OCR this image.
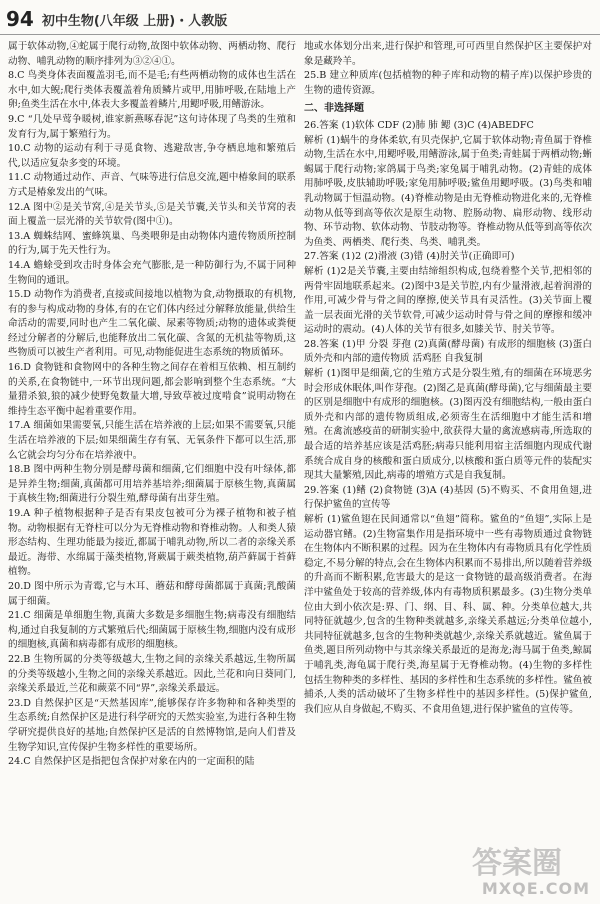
94 初中生物(八年级 上册)・人教版

属于软体动物,④蛇属于爬行动物,故图中软体动物、两栖动物、爬行动物、哺乳动物的顺序排列为③②④①。

8.C 鸟类身体表面覆盖羽毛,而不是毛;有些两栖动物的成体也生活在水中,如大鲵;爬行类体表覆盖着角质鳞片或甲,用肺呼吸,在陆地上产卵;鱼类生活在水中,体表大多覆盖着鳞片,用鳃呼吸,用鳍游泳。

9.C “几处早莺争暖树,谁家新燕啄春泥”这句诗体现了鸟类的生殖和发育行为,属于繁殖行为。

10.C 动物的运动有利于寻觅食物、逃避敌害,争夺栖息地和繁殖后代,以适应复杂多变的环境。

11.C 动物通过动作、声音、气味等进行信息交流,题中椿象间的联系方式是椿象发出的气味。

12.A 图中②是关节窝,④是关节头,⑤是关节囊,关节头和关节窝的表面上覆盖一层光滑的关节软骨(图中①)。

13.A 蜘蛛结网、蜜蜂筑巢、鸟类喂卵是由动物体内遗传物质所控制的行为,属于先天性行为。

14.A 蟾蜍受到攻击时身体会充气膨胀,是一种防御行为,不属于同种生物间的通讯。

15.D 动物作为消费者,直接或间接地以植物为食,动物摄取的有机物,有的参与构成动物的身体,有的在它们体内经过分解释放能量,供给生命活动的需要,同时也产生二氧化碳、尿素等物质;动物的遗体或粪便经过分解者的分解后,也能释放出二氧化碳、含氮的无机盐等物质,这些物质可以被生产者利用。可见,动物能促进生态系统的物质循环。

16.D 食物链和食物网中的各种生物之间存在着相互依赖、相互制约的关系,在食物链中,一环节出现问题,都会影响到整个生态系统。“大量猎杀狼,狼的减少使野兔数量大增,导致草被过度啃食”说明动物在维持生态平衡中起着重要作用。

17.A 细菌如果需要氧,只能生活在培养液的上层;如果不需要氧,只能生活在培养液的下层;如果细菌生存有氧、无氧条件下都可以生活,那么它就会均匀分布在培养液中。

18.B 图中两种生物分别是酵母菌和细菌,它们细胞中没有叶绿体,都是异养生物;细菌,真菌都可用培养基培养;细菌属于原核生物,真菌属于真核生物;细菌进行分裂生殖,酵母菌有出芽生殖。

19.A 种子植物根据种子是否有果皮包被可分为裸子植物和被子植物。动物根据有无脊柱可以分为无脊椎动物和脊椎动物。人和类人猿形态结构、生理功能最为接近,都属于哺乳动物,所以二者的亲缘关系最近。海带、水绵属于藻类植物,肾蕨属于蕨类植物,葫芦藓属于苔藓植物。

20.D 图中所示为青霉,它与木耳、蘑菇和酵母菌都属于真菌;乳酸菌属于细菌。

21.C 细菌是单细胞生物,真菌大多数是多细胞生物;病毒没有细胞结构,通过自我复制的方式繁殖后代;细菌属于原核生物,细胞内没有成形的细胞核,真菌和病毒都有成形的细胞核。

22.B 生物所属的分类等级越大,生物之间的亲缘关系越远,生物所属的分类等级越小,生物之间的亲缘关系越近。因此,兰花和向日葵同门,亲缘关系最近,兰花和蕨菜不同“界”,亲缘关系最远。

23.D 自然保护区是“天然基因库”,能够保存许多物种和各种类型的生态系统;自然保护区是进行科学研究的天然实验室,为进行各种生物学研究提供良好的基地;自然保护区是活的自然博物馆,是向人们普及生物学知识,宣传保护生物多样性的重要场所。

24.C 自然保护区是指把包含保护对象在内的一定面积的陆

地或水体划分出来,进行保护和管理,可可西里自然保护区主要保护对象是藏羚羊。

25.B 建立种质库(包括植物的种子库和动物的精子库)以保护珍贵的生物的遗传资源。

二、非选择题

26.答案 (1)软体 CDF (2)肺 肺 鳃 (3)C (4)ABEDFC

解析 (1)蜗牛的身体柔软,有贝壳保护,它属于软体动物;青鱼属于脊椎动物,生活在水中,用鳃呼吸,用鳍游泳,属于鱼类;青蛙属于两栖动物;蜥蜴属于爬行动物;家鸽属于鸟类;家兔属于哺乳动物。(2)青蛙的成体用肺呼吸,皮肤辅助呼吸;家兔用肺呼吸;鲨鱼用鳃呼吸。(3)鸟类和哺乳动物属于恒温动物。(4)脊椎动物是由无脊椎动物进化来的,无脊椎动物从低等到高等依次是原生动物、腔肠动物、扁形动物、线形动物、环节动物、软体动物、节肢动物等。脊椎动物从低等到高等依次为鱼类、两栖类、爬行类、鸟类、哺乳类。

27.答案 (1)2 (2)滑液 (3)错 (4)肘关节(正确即可)

解析 (1)2是关节囊,主要由结缔组织构成,包绕着整个关节,把相邻的两骨牢固地联系起来。(2)图中3是关节腔,内有少量滑液,起着润滑的作用,可减少骨与骨之间的摩擦,使关节具有灵活性。(3)关节面上覆盖一层表面光滑的关节软骨,可减少运动时骨与骨之间的摩擦和缓冲运动时的震动。(4)人体的关节有很多,如膝关节、肘关节等。

28.答案 (1)甲 分裂 芽孢 (2)真菌(酵母菌) 有成形的细胞核 (3)蛋白质外壳和内部的遗传物质 活鸡胚 自我复制

解析 (1)图甲是细菌,它的生殖方式是分裂生殖,有的细菌在环境恶劣时会形成休眠体,叫作芽孢。(2)图乙是真菌(酵母菌),它与细菌最主要的区别是细胞中有成形的细胞核。(3)图丙没有细胞结构,一般由蛋白质外壳和内部的遗传物质组成,必须寄生在活细胞中才能生活和增殖。在禽流感疫苗的研制实验中,欲获得大量的禽流感病毒,所选取的最合适的培养基应该是活鸡胚;病毒只能利用宿主活细胞内现成代谢系统合成自身的核酸和蛋白质成分,以核酸和蛋白质等元件的装配实现其大量繁殖,因此,病毒的增殖方式是自我复制。

29.答案 (1)鳍 (2)食物链 (3)A (4)基因 (5)不购买、不食用鱼翅,进行保护鲨鱼的宣传等

解析 (1)鲨鱼翅在民间通常以“鱼翅”简称。鲨鱼的“鱼翅”,实际上是运动器官鳍。(2)生物富集作用是指环境中一些有毒物质通过食物链在生物体内不断积累的过程。因为在生物体内有毒物质具有化学性质稳定,不易分解的特点,会在生物体内积累而不易排出,所以随着营养级的升高而不断积累,危害最大的是这一食物链的最高级消费者。在海洋中鲨鱼处于较高的营养级,体内有毒物质积累最多。(3)生物分类单位由大到小依次是:界、门、纲、目、科、属、种。分类单位越大,共同特征就越少,包含的生物种类就越多,亲缘关系越远;分类单位越小,共同特征就越多,包含的生物种类就越少,亲缘关系就越近。鲨鱼属于鱼类,题目所列动物中与其亲缘关系最近的是海龙;海马属于鱼类,鲸属于哺乳类,海龟属于爬行类,海星属于无脊椎动物。(4)生物的多样性包括生物种类的多样性、基因的多样性和生态系统的多样性。鲨鱼被捕杀,人类的活动破坏了生物多样性中的基因多样性。(5)保护鲨鱼,我们应从自身做起,不购买、不食用鱼翅,进行保护鲨鱼的宣传等。

答案圈
MXQE.COM
